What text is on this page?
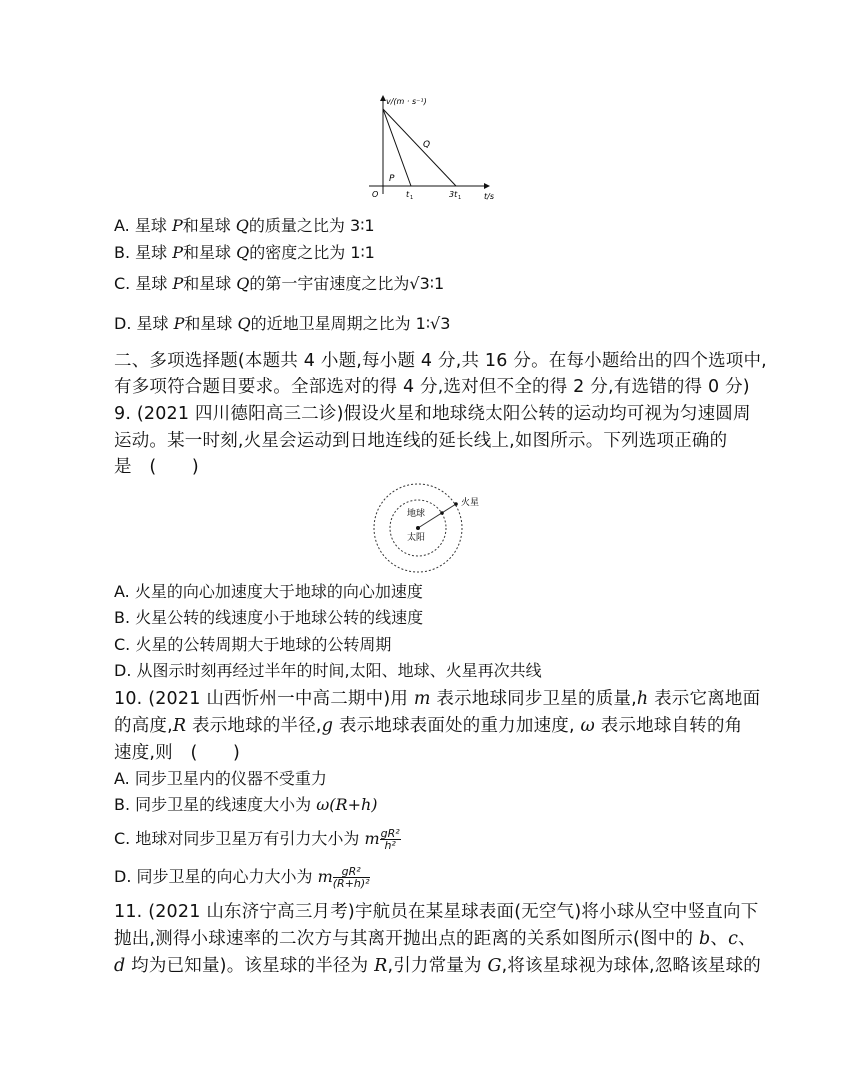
v/(m · s⁻¹)
t/s
O	t 1	3t 1
P
Q
A. 星球 P和星球 Q的质量之比为 3∶1
B. 星球 P和星球 Q的密度之比为 1∶1
C. 星球 P和星球 Q的第一宇宙速度之比为√3∶1
D. 星球 P和星球 Q的近地卫星周期之比为 1∶√3
二、多项选择题(本题共 4 小题,每小题 4 分,共 16 分。在每小题给出的四个选项中,
有多项符合题目要求。全部选对的得 4 分,选对但不全的得 2 分,有选错的得 0 分)
9. (2021 四川德阳高三二诊)假设火星和地球绕太阳公转的运动均可视为匀速圆周
运动。某一时刻,火星会运动到日地连线的延长线上,如图所示。下列选项正确的
是　(　　)
地球
太阳
火星
A. 火星的向心加速度大于地球的向心加速度
B. 火星公转的线速度小于地球公转的线速度
C. 火星的公转周期大于地球的公转周期
D. 从图示时刻再经过半年的时间,太阳、地球、火星再次共线
10. (2021 山西忻州一中高二期中)用 m 表示地球同步卫星的质量,h 表示它离地面
的高度,R 表示地球的半径,g 表示地球表面处的重力加速度, ω 表示地球自转的角
速度,则　(　　)
A. 同步卫星内的仪器不受重力
B. 同步卫星的线速度大小为 ω(R+h)
C. 地球对同步卫星万有引力大小为 m $\frac{\text{gR²}}{\text{h²}}$
D. 同步卫星的向心力大小为 m $\frac{\text{gR²}}{\text{(R+h)²}}$
11. (2021 山东济宁高三月考)宇航员在某星球表面(无空气)将小球从空中竖直向下
抛出,测得小球速率的二次方与其离开抛出点的距离的关系如图所示(图中的 b、c、
d 均为已知量)。该星球的半径为 R,引力常量为 G,将该星球视为球体,忽略该星球的
